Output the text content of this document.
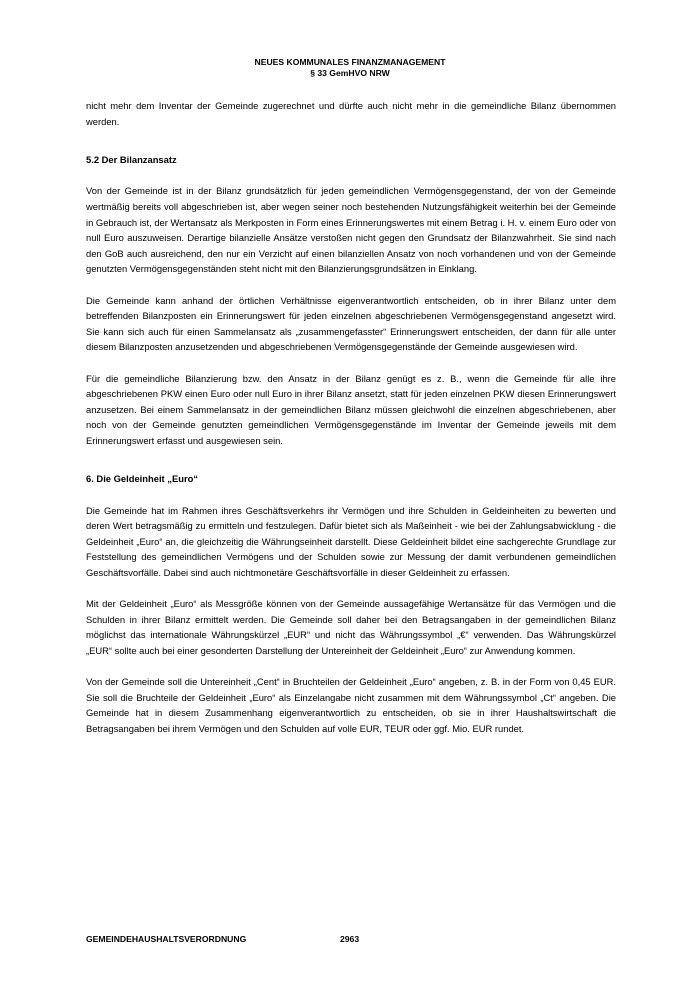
NEUES KOMMUNALES FINANZMANAGEMENT
§ 33 GemHVO NRW

nicht mehr dem Inventar der Gemeinde zugerechnet und dürfte auch nicht mehr in die gemeindliche Bilanz übernommen werden.

5.2 Der Bilanzansatz

Von der Gemeinde ist in der Bilanz grundsätzlich für jeden gemeindlichen Vermögensgegenstand, der von der Gemeinde wertmäßig bereits voll abgeschrieben ist, aber wegen seiner noch bestehenden Nutzungsfähigkeit weiterhin bei der Gemeinde in Gebrauch ist, der Wertansatz als Merkposten in Form eines Erinnerungswertes mit einem Betrag i. H. v. einem Euro oder von null Euro auszuweisen. Derartige bilanzielle Ansätze verstoßen nicht gegen den Grundsatz der Bilanzwahrheit. Sie sind nach den GoB auch ausreichend, den nur ein Verzicht auf einen bilanziellen Ansatz von noch vorhandenen und von der Gemeinde genutzten Vermögensgegenständen steht nicht mit den Bilanzierungsgrundsätzen in Einklang.

Die Gemeinde kann anhand der örtlichen Verhältnisse eigenverantwortlich entscheiden, ob in ihrer Bilanz unter dem betreffenden Bilanzposten ein Erinnerungswert für jeden einzelnen abgeschriebenen Vermögensgegenstand angesetzt wird. Sie kann sich auch für einen Sammelansatz als „zusammengefasster“ Erinnerungswert entscheiden, der dann für alle unter diesem Bilanzposten anzusetzenden und abgeschriebenen Vermögensgegenstände der Gemeinde ausgewiesen wird.

Für die gemeindliche Bilanzierung bzw. den Ansatz in der Bilanz genügt es z. B., wenn die Gemeinde für alle ihre abgeschriebenen PKW einen Euro oder null Euro in ihrer Bilanz ansetzt, statt für jeden einzelnen PKW diesen Erinnerungswert anzusetzen. Bei einem Sammelansatz in der gemeindlichen Bilanz müssen gleichwohl die einzelnen abgeschriebenen, aber noch von der Gemeinde genutzten gemeindlichen Vermögensgegenstände im Inventar der Gemeinde jeweils mit dem Erinnerungswert erfasst und ausgewiesen sein.

6. Die Geldeinheit „Euro“

Die Gemeinde hat im Rahmen ihres Geschäftsverkehrs ihr Vermögen und ihre Schulden in Geldeinheiten zu bewerten und deren Wert betragsmäßig zu ermitteln und festzulegen. Dafür bietet sich als Maßeinheit - wie bei der Zahlungsabwicklung - die Geldeinheit „Euro“ an, die gleichzeitig die Währungseinheit darstellt. Diese Geldeinheit bildet eine sachgerechte Grundlage zur Feststellung des gemeindlichen Vermögens und der Schulden sowie zur Messung der damit verbundenen gemeindlichen Geschäftsvorfälle. Dabei sind auch nichtmonetäre Geschäftsvorfälle in dieser Geldeinheit zu erfassen.

Mit der Geldeinheit „Euro“ als Messgröße können von der Gemeinde aussagefähige Wertansätze für das Vermögen und die Schulden in ihrer Bilanz ermittelt werden. Die Gemeinde soll daher bei den Betragsangaben in der gemeindlichen Bilanz möglichst das internationale Währungskürzel „EUR“ und nicht das Währungssymbol „€“ verwenden. Das Währungskürzel „EUR“ sollte auch bei einer gesonderten Darstellung der Untereinheit der Geldeinheit „Euro“ zur Anwendung kommen.

Von der Gemeinde soll die Untereinheit „Cent“ in Bruchteilen der Geldeinheit „Euro“ angeben, z. B. in der Form von 0,45 EUR. Sie soll die Bruchteile der Geldeinheit „Euro“ als Einzelangabe nicht zusammen mit dem Währungssymbol „Ct“ angeben. Die Gemeinde hat in diesem Zusammenhang eigenverantwortlich zu entscheiden, ob sie in ihrer Haushaltswirtschaft die Betragsangaben bei ihrem Vermögen und den Schulden auf volle EUR, TEUR oder ggf. Mio. EUR rundet.

GEMEINDEHAUSHALTSVERORDNUNG	2963
